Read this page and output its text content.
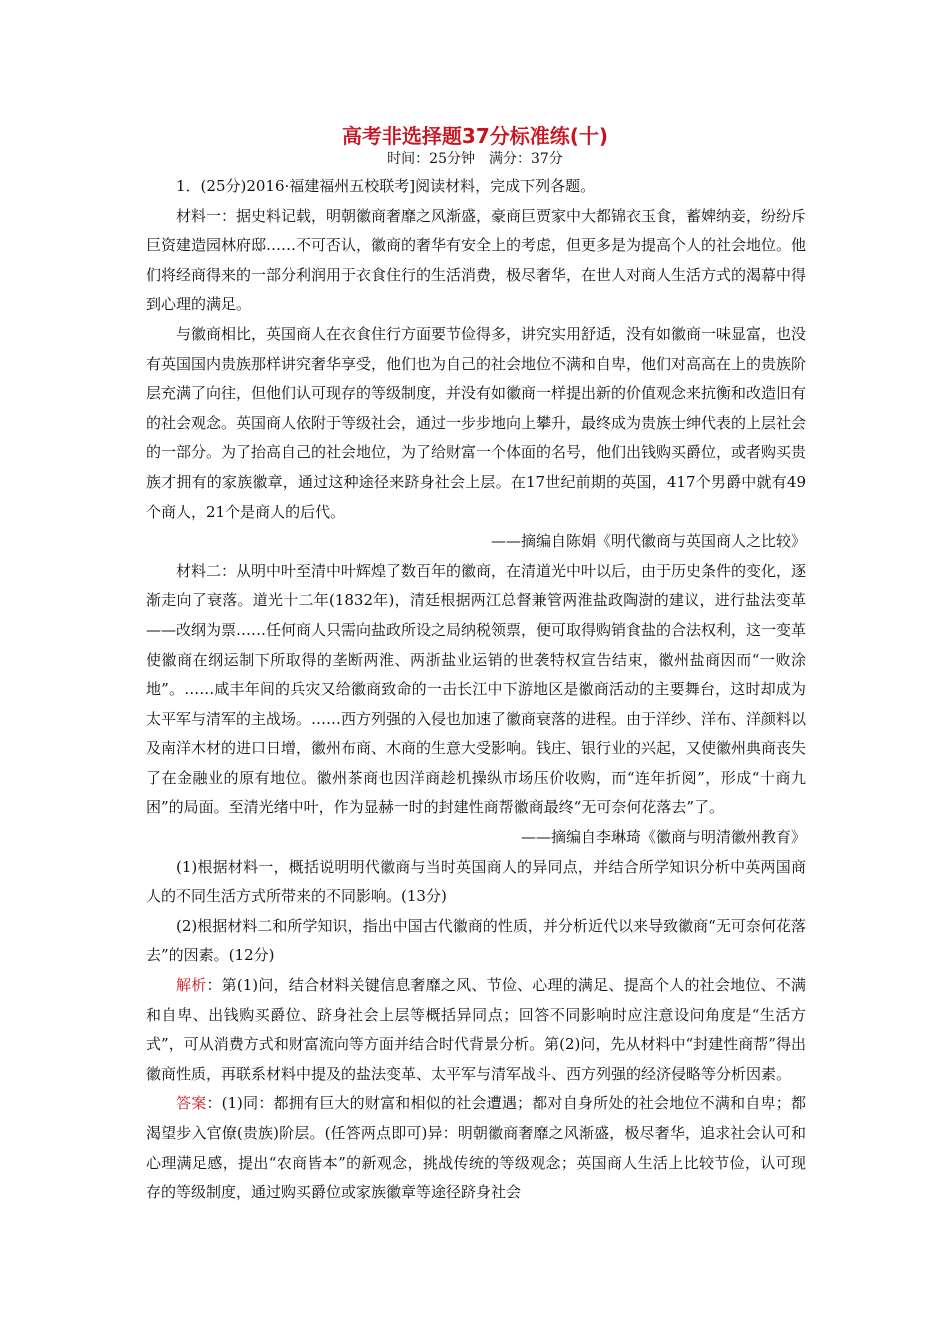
高考非选择题37分标准练(十)
时间：25分钟　满分：37分

1．(25分)2016·福建福州五校联考]阅读材料，完成下列各题。

材料一：据史料记载，明朝徽商奢靡之风渐盛，豪商巨贾家中大都锦衣玉食，蓄婢纳妾，纷纷斥巨资建造园林府邸……不可否认，徽商的奢华有安全上的考虑，但更多是为提高个人的社会地位。他们将经商得来的一部分利润用于衣食住行的生活消费，极尽奢华，在世人对商人生活方式的渴幕中得到心理的满足。

与徽商相比，英国商人在衣食住行方面要节俭得多，讲究实用舒适，没有如徽商一味显富，也没有英国国内贵族那样讲究奢华享受，他们也为自己的社会地位不满和自卑，他们对高高在上的贵族阶层充满了向往，但他们认可现存的等级制度，并没有如徽商一样提出新的价值观念来抗衡和改造旧有的社会观念。英国商人依附于等级社会，通过一步步地向上攀升，最终成为贵族士绅代表的上层社会的一部分。为了抬高自己的社会地位，为了给财富一个体面的名号，他们出钱购买爵位，或者购买贵族才拥有的家族徽章，通过这种途径来跻身社会上层。在17世纪前期的英国，417个男爵中就有49个商人，21个是商人的后代。

——摘编自陈娟《明代徽商与英国商人之比较》

材料二：从明中叶至清中叶辉煌了数百年的徽商，在清道光中叶以后，由于历史条件的变化，逐渐走向了衰落。道光十二年(1832年)，清廷根据两江总督兼管两淮盐政陶澍的建议，进行盐法变革——改纲为票……任何商人只需向盐政所设之局纳税领票，便可取得购销食盐的合法权利，这一变革使徽商在纲运制下所取得的垄断两淮、两浙盐业运销的世袭特权宣告结束，徽州盐商因而“一败涂地”。……咸丰年间的兵灾又给徽商致命的一击长江中下游地区是徽商活动的主要舞台，这时却成为太平军与清军的主战场。……西方列强的入侵也加速了徽商衰落的进程。由于洋纱、洋布、洋颜料以及南洋木材的进口日增，徽州布商、木商的生意大受影响。钱庄、银行业的兴起，又使徽州典商丧失了在金融业的原有地位。徽州茶商也因洋商趁机操纵市场压价收购，而“连年折阅”，形成“十商九困”的局面。至清光绪中叶，作为显赫一时的封建性商帮徽商最终“无可奈何花落去”了。

——摘编自李琳琦《徽商与明清徽州教育》

(1)根据材料一，概括说明明代徽商与当时英国商人的异同点，并结合所学知识分析中英两国商人的不同生活方式所带来的不同影响。(13分)

(2)根据材料二和所学知识，指出中国古代徽商的性质，并分析近代以来导致徽商“无可奈何花落去”的因素。(12分)

解析：第(1)问，结合材料关键信息奢靡之风、节俭、心理的满足、提高个人的社会地位、不满和自卑、出钱购买爵位、跻身社会上层等概括异同点；回答不同影响时应注意设问角度是“生活方式”，可从消费方式和财富流向等方面并结合时代背景分析。第(2)问，先从材料中“封建性商帮”得出徽商性质，再联系材料中提及的盐法变革、太平军与清军战斗、西方列强的经济侵略等分析因素。

答案：(1)同：都拥有巨大的财富和相似的社会遭遇；都对自身所处的社会地位不满和自卑；都渴望步入官僚(贵族)阶层。(任答两点即可)异：明朝徽商奢靡之风渐盛，极尽奢华，追求社会认可和心理满足感，提出“农商皆本”的新观念，挑战传统的等级观念；英国商人生活上比较节俭，认可现存的等级制度，通过购买爵位或家族徽章等途径跻身社会
